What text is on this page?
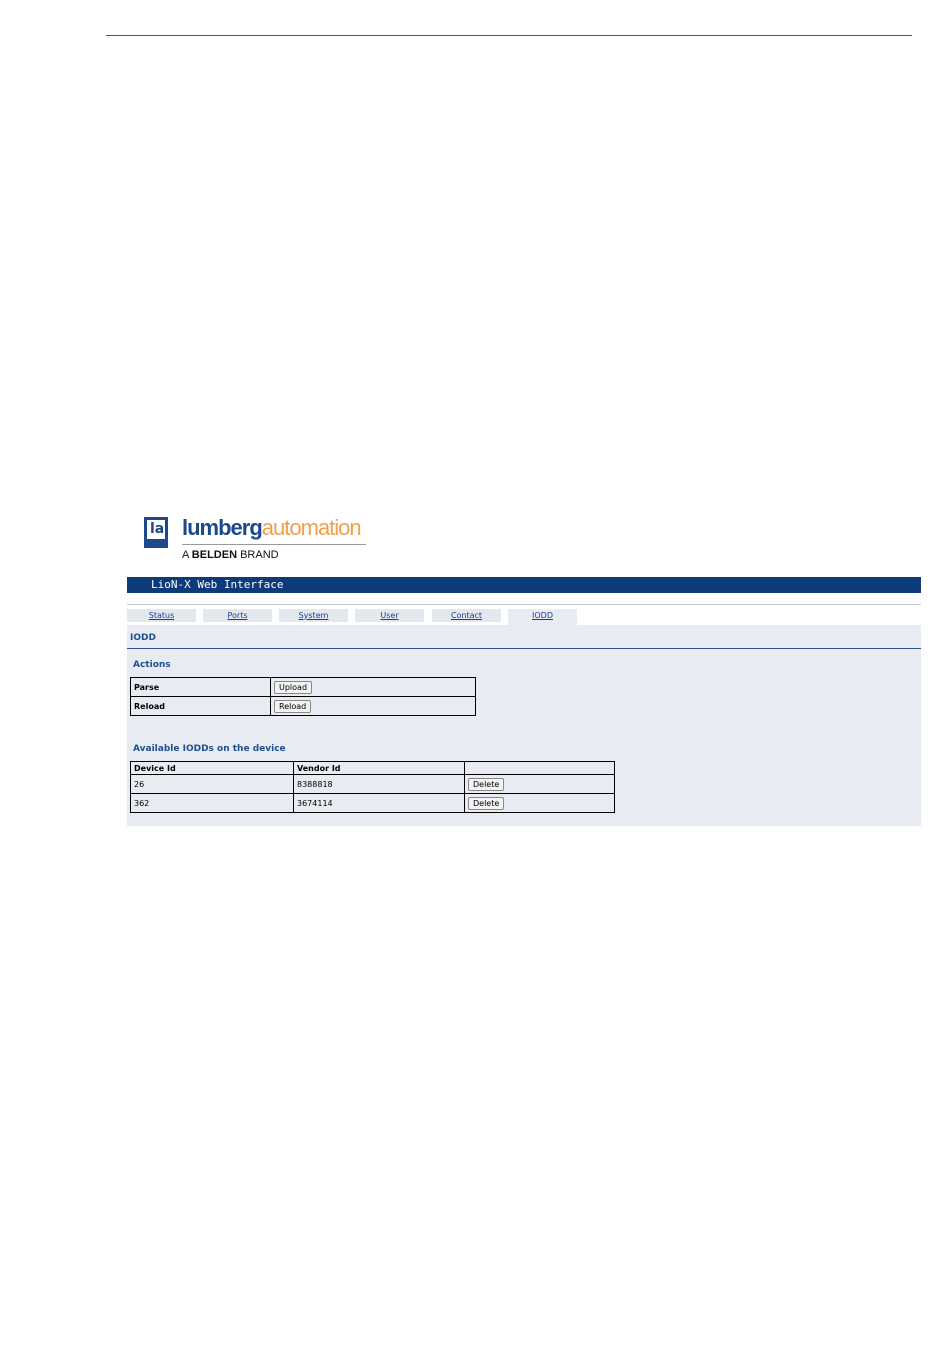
la lumbergautomation
A BELDEN BRAND
LioN-X Web Interface
Status	Ports	System	User	Contact	IODD
IODD
Actions
Parse	Upload
Reload	Reload
Available IODDs on the device
Device Id	Vendor Id	
26	8388818	Delete
362	3674114	Delete
